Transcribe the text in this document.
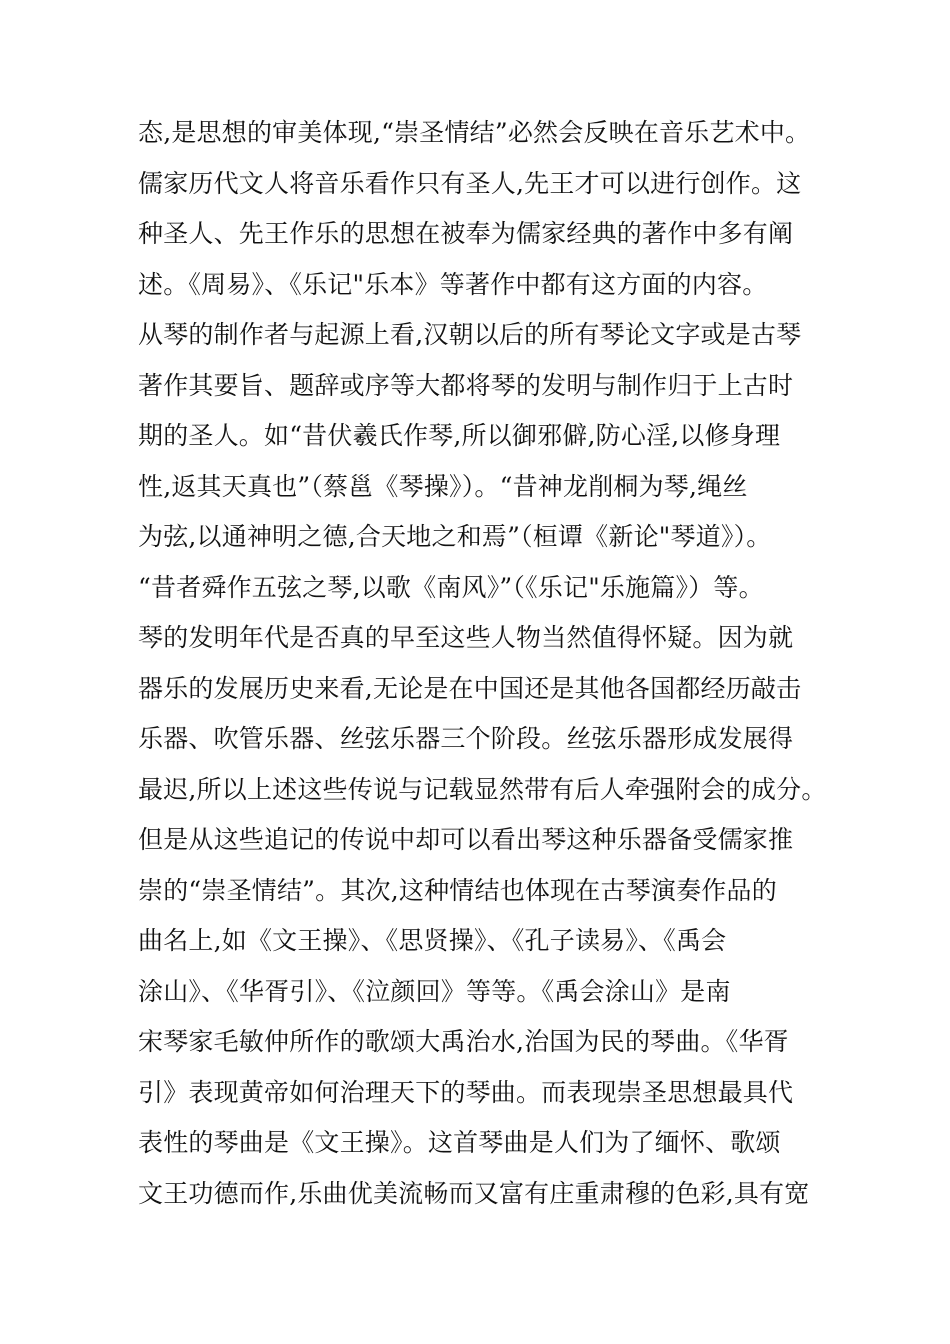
态,是思想的审美体现,“崇圣情结”必然会反映在音乐艺术中。
儒家历代文人将音乐看作只有圣人,先王才可以进行创作。这
种圣人、先王作乐的思想在被奉为儒家经典的著作中多有阐
述。《周易》、《乐记"乐本》等著作中都有这方面的内容。
从琴的制作者与起源上看,汉朝以后的所有琴论文字或是古琴
著作其要旨、题辞或序等大都将琴的发明与制作归于上古时
期的圣人。如“昔伏羲氏作琴,所以御邪僻,防心淫,以修身理
性,返其天真也”（蔡邕《琴操》）。“昔神龙削桐为琴,绳丝
为弦,以通神明之德,合天地之和焉”（桓谭《新论"琴道》）。
“昔者舜作五弦之琴,以歌《南风》”（《乐记"乐施篇》）等。
琴的发明年代是否真的早至这些人物当然值得怀疑。因为就
器乐的发展历史来看,无论是在中国还是其他各国都经历敲击
乐器、吹管乐器、丝弦乐器三个阶段。丝弦乐器形成发展得
最迟,所以上述这些传说与记载显然带有后人牵强附会的成分。
但是从这些追记的传说中却可以看出琴这种乐器备受儒家推
崇的“崇圣情结”。其次,这种情结也体现在古琴演奏作品的
曲名上,如《文王操》、《思贤操》、《孔子读易》、《禹会
涂山》、《华胥引》、《泣颜回》等等。《禹会涂山》是南
宋琴家毛敏仲所作的歌颂大禹治水,治国为民的琴曲。《华胥
引》表现黄帝如何治理天下的琴曲。而表现崇圣思想最具代
表性的琴曲是《文王操》。这首琴曲是人们为了缅怀、歌颂
文王功德而作,乐曲优美流畅而又富有庄重肃穆的色彩,具有宽
